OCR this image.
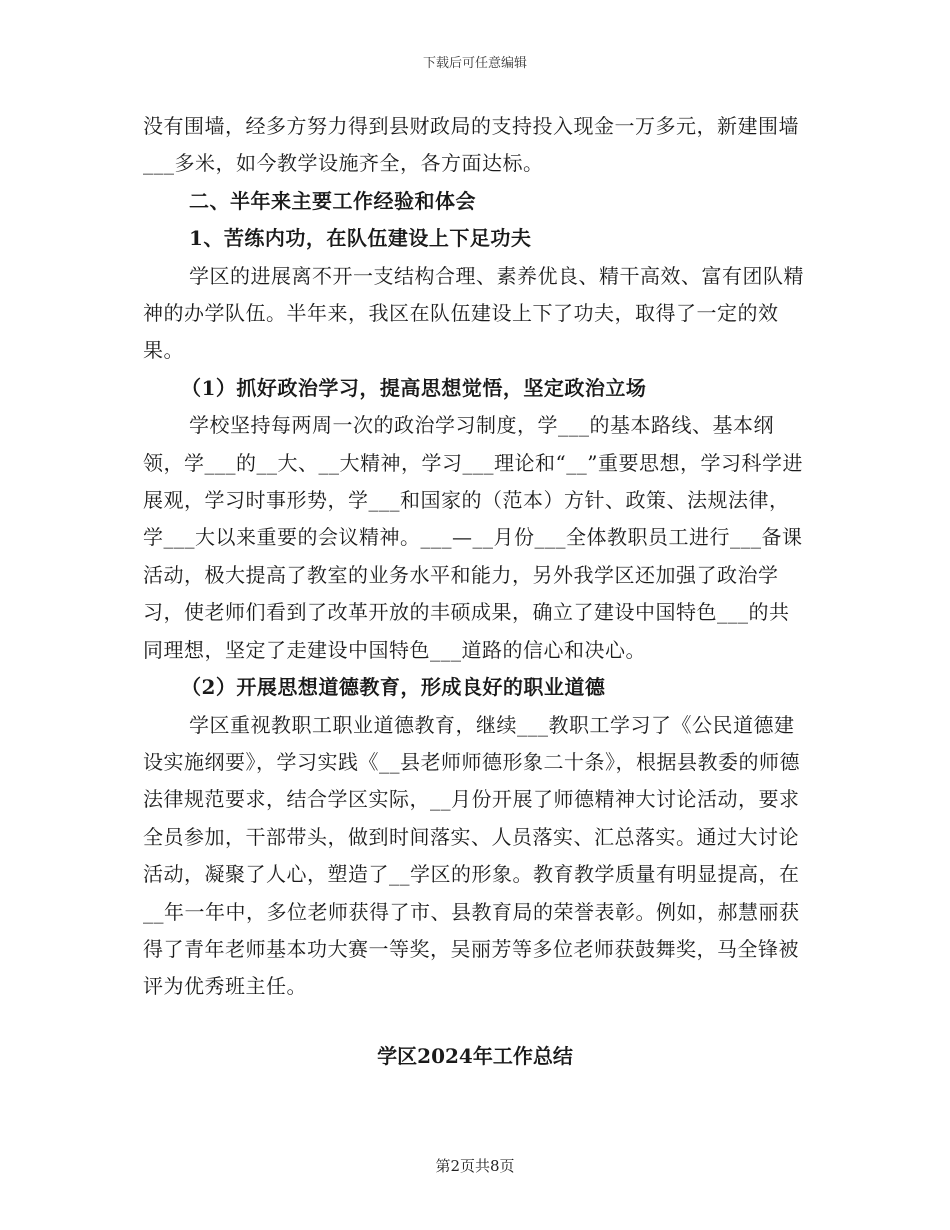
下载后可任意编辑

没有围墙，经多方努力得到县财政局的支持投入现金一万多元，新建围墙___多米，如今教学设施齐全，各方面达标。

二、半年来主要工作经验和体会

1、苦练内功，在队伍建设上下足功夫

学区的进展离不开一支结构合理、素养优良、精干高效、富有团队精神的办学队伍。半年来，我区在队伍建设上下了功夫，取得了一定的效果。

（1）抓好政治学习，提高思想觉悟，坚定政治立场

学校坚持每两周一次的政治学习制度，学___的基本路线、基本纲领，学___的__大、__大精神，学习___理论和“__”重要思想，学习科学进展观，学习时事形势，学___和国家的（范本）方针、政策、法规法律，学___大以来重要的会议精神。___—__月份___全体教职员工进行___备课活动，极大提高了教室的业务水平和能力，另外我学区还加强了政治学习，使老师们看到了改革开放的丰硕成果，确立了建设中国特色___的共同理想，坚定了走建设中国特色___道路的信心和决心。

（2）开展思想道德教育，形成良好的职业道德

学区重视教职工职业道德教育，继续___教职工学习了《公民道德建设实施纲要》，学习实践《__县老师师德形象二十条》，根据县教委的师德法律规范要求，结合学区实际，__月份开展了师德精神大讨论活动，要求全员参加，干部带头，做到时间落实、人员落实、汇总落实。通过大讨论活动，凝聚了人心，塑造了__学区的形象。教育教学质量有明显提高，在__年一年中，多位老师获得了市、县教育局的荣誉表彰。例如，郝慧丽获得了青年老师基本功大赛一等奖，吴丽芳等多位老师获鼓舞奖，马全锋被评为优秀班主任。

学区2024年工作总结
第2页共8页
